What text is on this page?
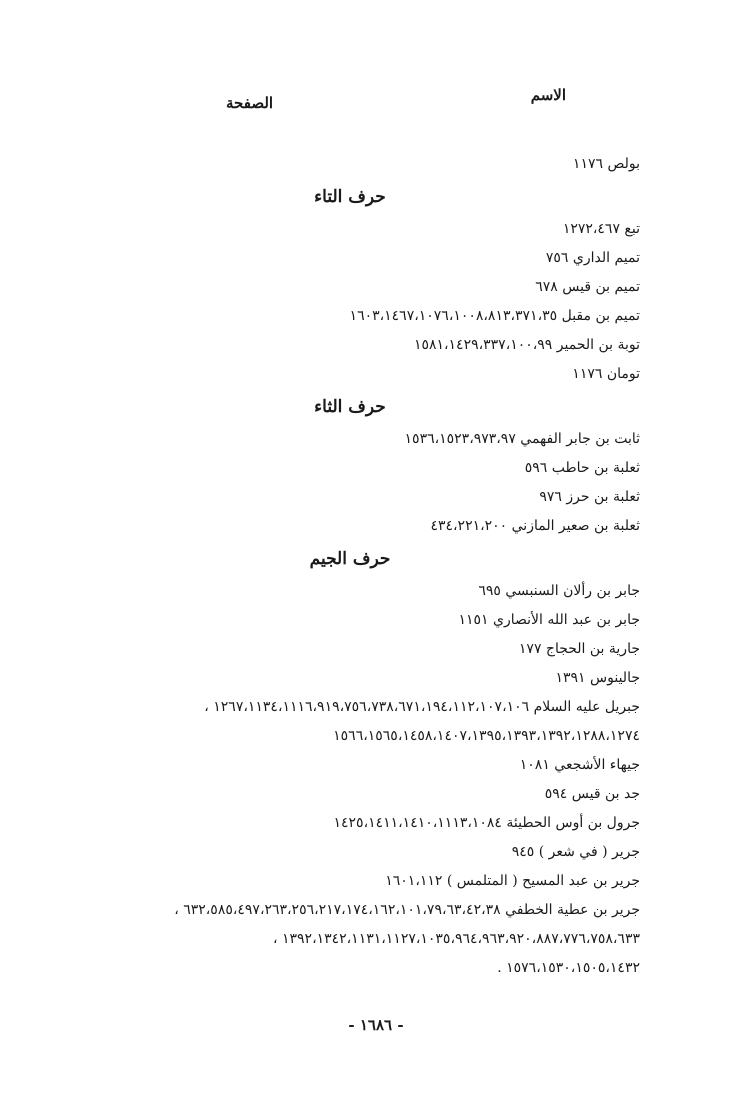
الاسم
الصفحة
بولص ١١٧٦
حرف التاء
تبع ١٢٧٢،٤٦٧
تميم الداري ٧٥٦
تميم بن قيس ٦٧٨
تميم بن مقبل ١٦٠٣،١٤٦٧،١٠٧٦،١٠٠٨،٨١٣،٣٧١،٣٥
توبة بن الحمير ١٥٨١،١٤٢٩،٣٣٧،١٠٠،٩٩
تومان ١١٧٦
حرف الثاء
ثابت بن جابر الفهمي ١٥٣٦،١٥٢٣،٩٧٣،٩٧
ثعلبة بن حاطب ٥٩٦
ثعلبة بن حرز ٩٧٦
ثعلبة بن صعير المازني ٤٣٤،٢٢١،٢٠٠
حرف الجيم
جابر بن رألان السنبسي ٦٩٥
جابر بن عبد الله الأنصاري ١١٥١
جارية بن الحجاج ١٧٧
جالينوس ١٣٩١
جبريل عليه السلام ١٢٦٧،١١٣٤،١١١٦،٩١٩،٧٥٦،٧٣٨،٦٧١،١٩٤،١١٢،١٠٧،١٠٦ ،
١٥٦٦،١٥٦٥،١٤٥٨،١٤٠٧،١٣٩٥،١٣٩٣،١٣٩٢،١٢٨٨،١٢٧٤
جيهاء الأشجعي ١٠٨١
جد بن قيس ٥٩٤
جرول بن أوس الحطيئة ١٤٢٥،١٤١١،١٤١٠،١١١٣،١٠٨٤
جرير ( في شعر ) ٩٤٥
جرير بن عبد المسيح ( المتلمس ) ١٦٠١،١١٢
جرير بن عطية الخطفي ٦٣٢،٥٨٥،٤٩٧،٢٦٣،٢٥٦،٢١٧،١٧٤،١٦٢،١٠١،٧٩،٦٣،٤٢،٣٨ ،
١٣٩٢،١٣٤٢،١١٣١،١١٢٧،١٠٣٥،٩٦٤،٩٦٣،٩٢٠،٨٨٧،٧٧٦،٧٥٨،٦٣٣ ،
١٥٧٦،١٥٣٠،١٥٠٥،١٤٣٢ .
- ١٦٨٦ -
